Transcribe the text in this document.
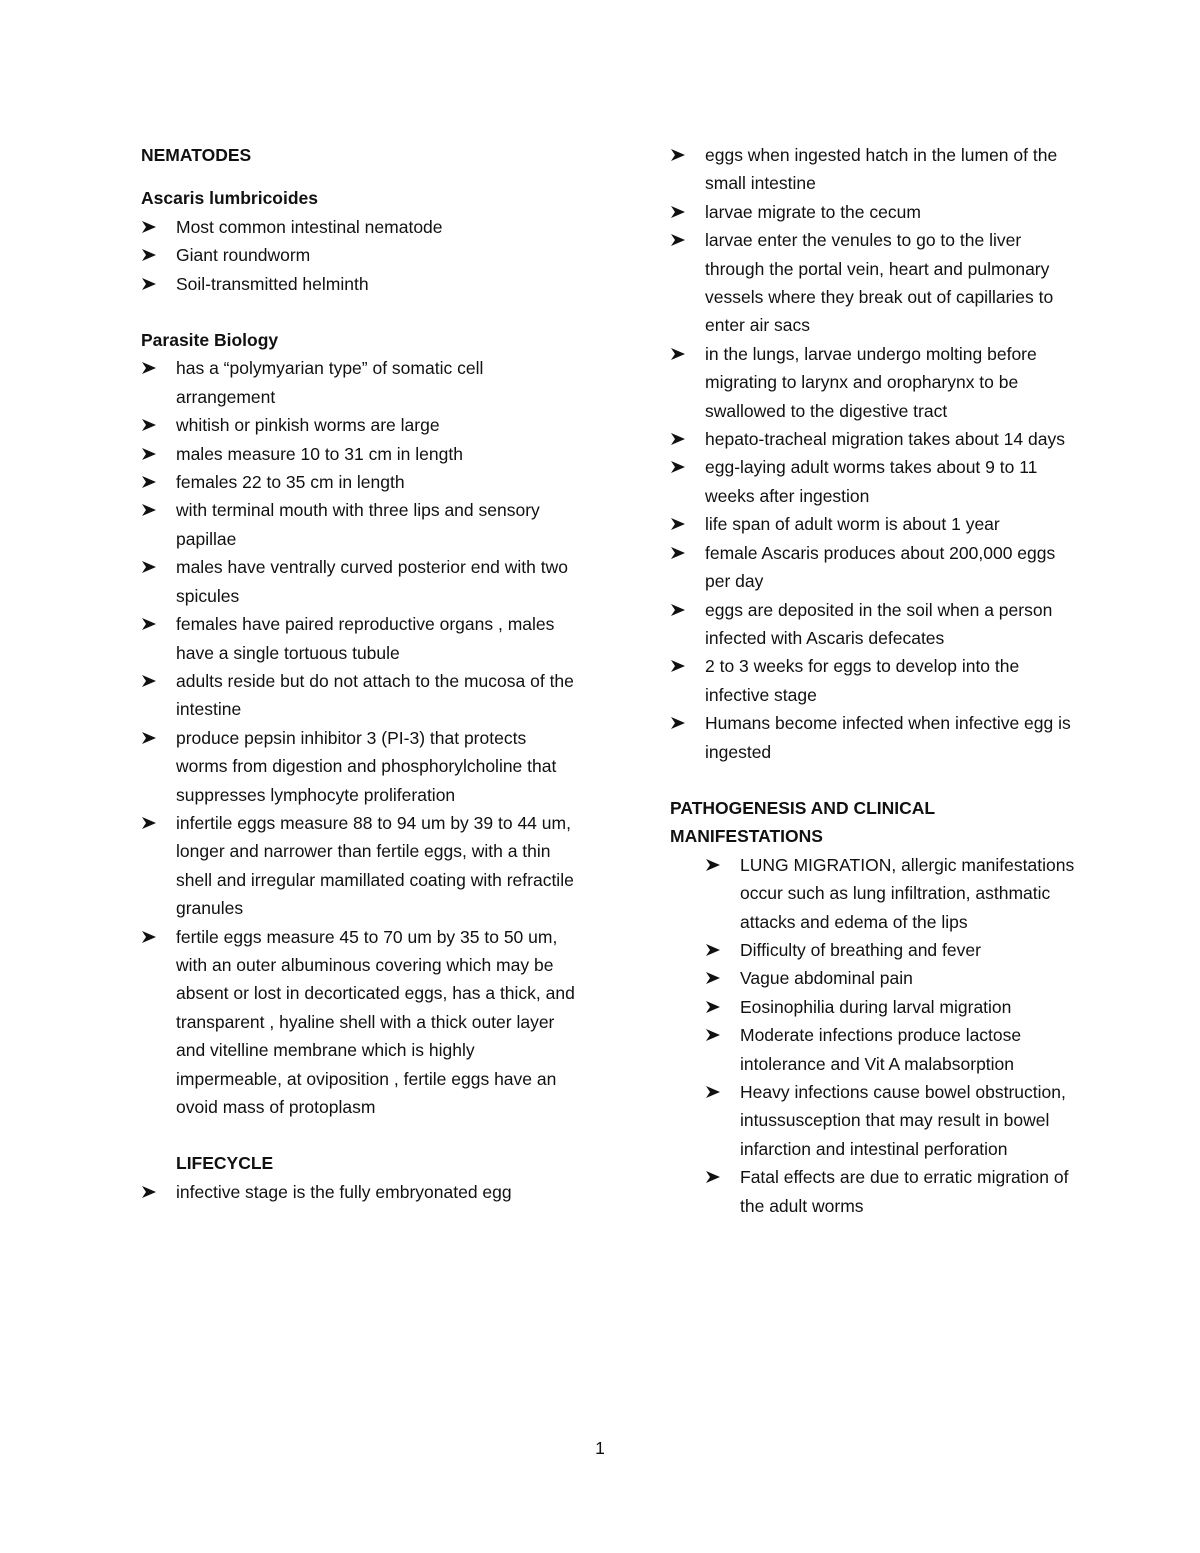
NEMATODES

Ascaris lumbricoides

Most common intestinal nematode
Giant roundworm
Soil-transmitted helminth

Parasite Biology

has a “polymyarian type” of somatic cell arrangement
whitish or pinkish worms are large
males measure 10 to 31 cm in length
females 22 to 35 cm in length
with terminal mouth with three lips and sensory papillae
males have ventrally curved posterior end with two spicules
females have paired reproductive organs , males have a single tortuous tubule
adults reside but do not attach to the mucosa of the intestine
produce pepsin inhibitor 3 (PI-3) that protects worms from digestion and phosphorylcholine that suppresses lymphocyte proliferation
infertile eggs measure 88 to 94 um by 39 to 44 um, longer and narrower than fertile eggs, with a thin shell and irregular mamillated coating with refractile granules
fertile eggs measure 45 to 70 um by 35 to 50 um, with an outer albuminous covering which may be absent or lost in decorticated eggs, has a thick, and transparent , hyaline shell with a thick outer layer and vitelline membrane which is highly impermeable, at oviposition , fertile eggs have an ovoid mass of protoplasm

LIFECYCLE

infective stage is the fully embryonated egg
eggs when ingested hatch in the lumen of the small intestine
larvae migrate to the cecum
larvae enter the venules to go to the liver through the portal vein, heart and pulmonary vessels where they break out of capillaries to enter air sacs
in the lungs, larvae undergo molting before migrating to larynx and oropharynx to be swallowed to the digestive tract
hepato-tracheal migration takes about 14 days
egg-laying adult worms takes about 9 to 11 weeks after ingestion
life span of adult worm is about 1 year
female Ascaris produces about 200,000 eggs per day
eggs are deposited in the soil when a person infected with Ascaris defecates
2 to 3 weeks for eggs to develop into the infective stage
Humans become infected when infective egg is ingested

PATHOGENESIS AND CLINICAL MANIFESTATIONS

LUNG MIGRATION, allergic manifestations occur such as lung infiltration, asthmatic attacks and edema of the lips
Difficulty of breathing and fever
Vague abdominal pain
Eosinophilia during larval migration
Moderate infections produce lactose intolerance and Vit A malabsorption
Heavy infections cause bowel obstruction, intussusception that may result in bowel infarction and intestinal perforation
Fatal effects are due to erratic migration of the adult worms
1
